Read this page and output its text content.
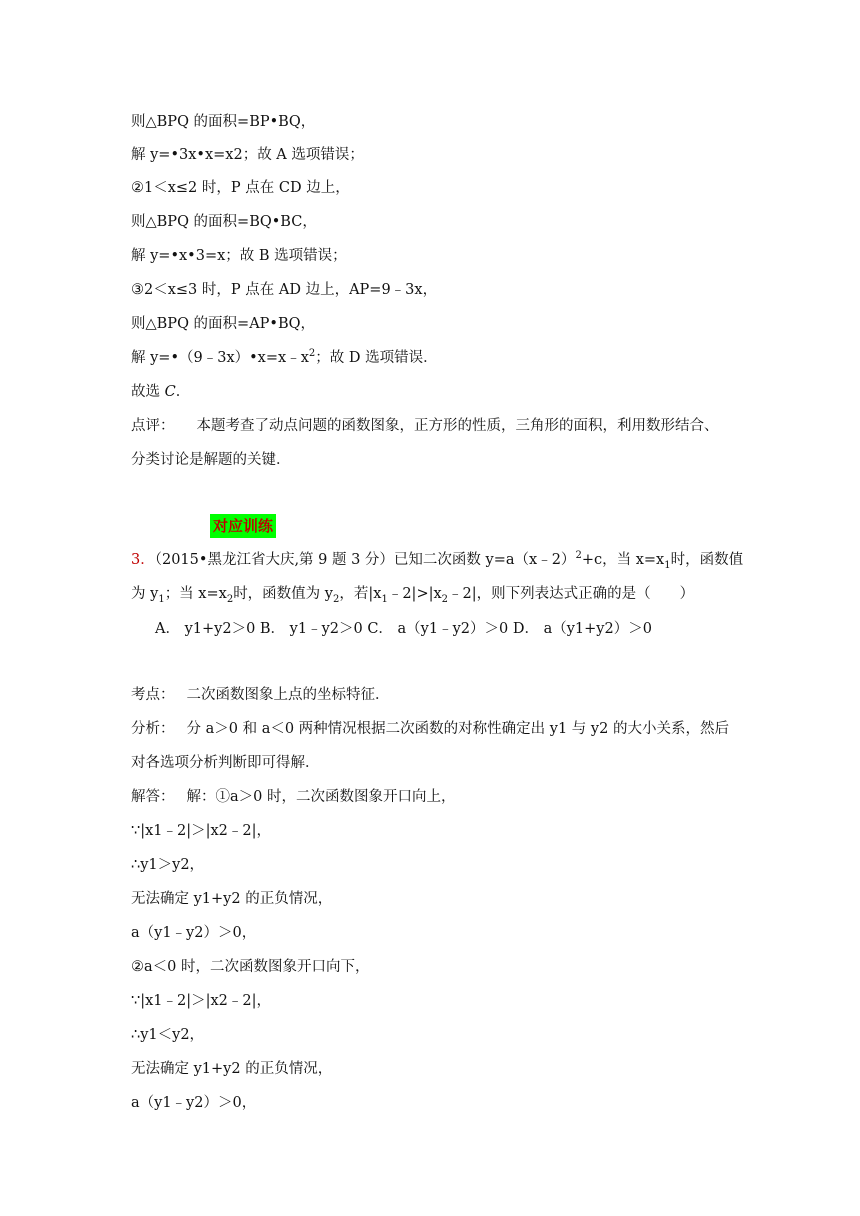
则△BPQ 的面积=BP•BQ，
解 y=•3x•x=x2；故 A 选项错误；
②1＜x≤2 时，P 点在 CD 边上，
则△BPQ 的面积=BQ•BC，
解 y=•x•3=x；故 B 选项错误；
③2＜x≤3 时，P 点在 AD 边上，AP=9﹣3x，
则△BPQ 的面积=AP•BQ，
解 $y=•(9﹣3x)•x=x﹣x^2$；故 D 选项错误．
故选 C．
点评： 本题考查了动点问题的函数图象，正方形的性质，三角形的面积，利用数形结合、
分类讨论是解题的关键．
对应训练
3．（2015•黑龙江省大庆,第 9 题 3 分）已知二次函数 y=a（x﹣2）$^2$+c，当 $x=x_1$时，函数值
为 $y_1$；当 $x=x_2$时，函数值为 $y_2$，若$|x_1﹣2|>|x_2﹣2|$，则下列表达式正确的是（　　）
A． y1+y2＞0 B． y1﹣y2＞0 C． a（y1﹣y2）＞0 D． a（y1+y2）＞0
考点： 二次函数图象上点的坐标特征．
分析： 分 a＞0 和 a＜0 两种情况根据二次函数的对称性确定出 y1 与 y2 的大小关系，然后
对各选项分析判断即可得解．
解答： 解：①a＞0 时，二次函数图象开口向上，
∵|x1﹣2|＞|x2﹣2|，
∴y1＞y2，
无法确定 y1+y2 的正负情况，
a（y1﹣y2）＞0，
②a＜0 时，二次函数图象开口向下，
∵|x1﹣2|＞|x2﹣2|，
∴y1＜y2，
无法确定 y1+y2 的正负情况，
a（y1﹣y2）＞0，
